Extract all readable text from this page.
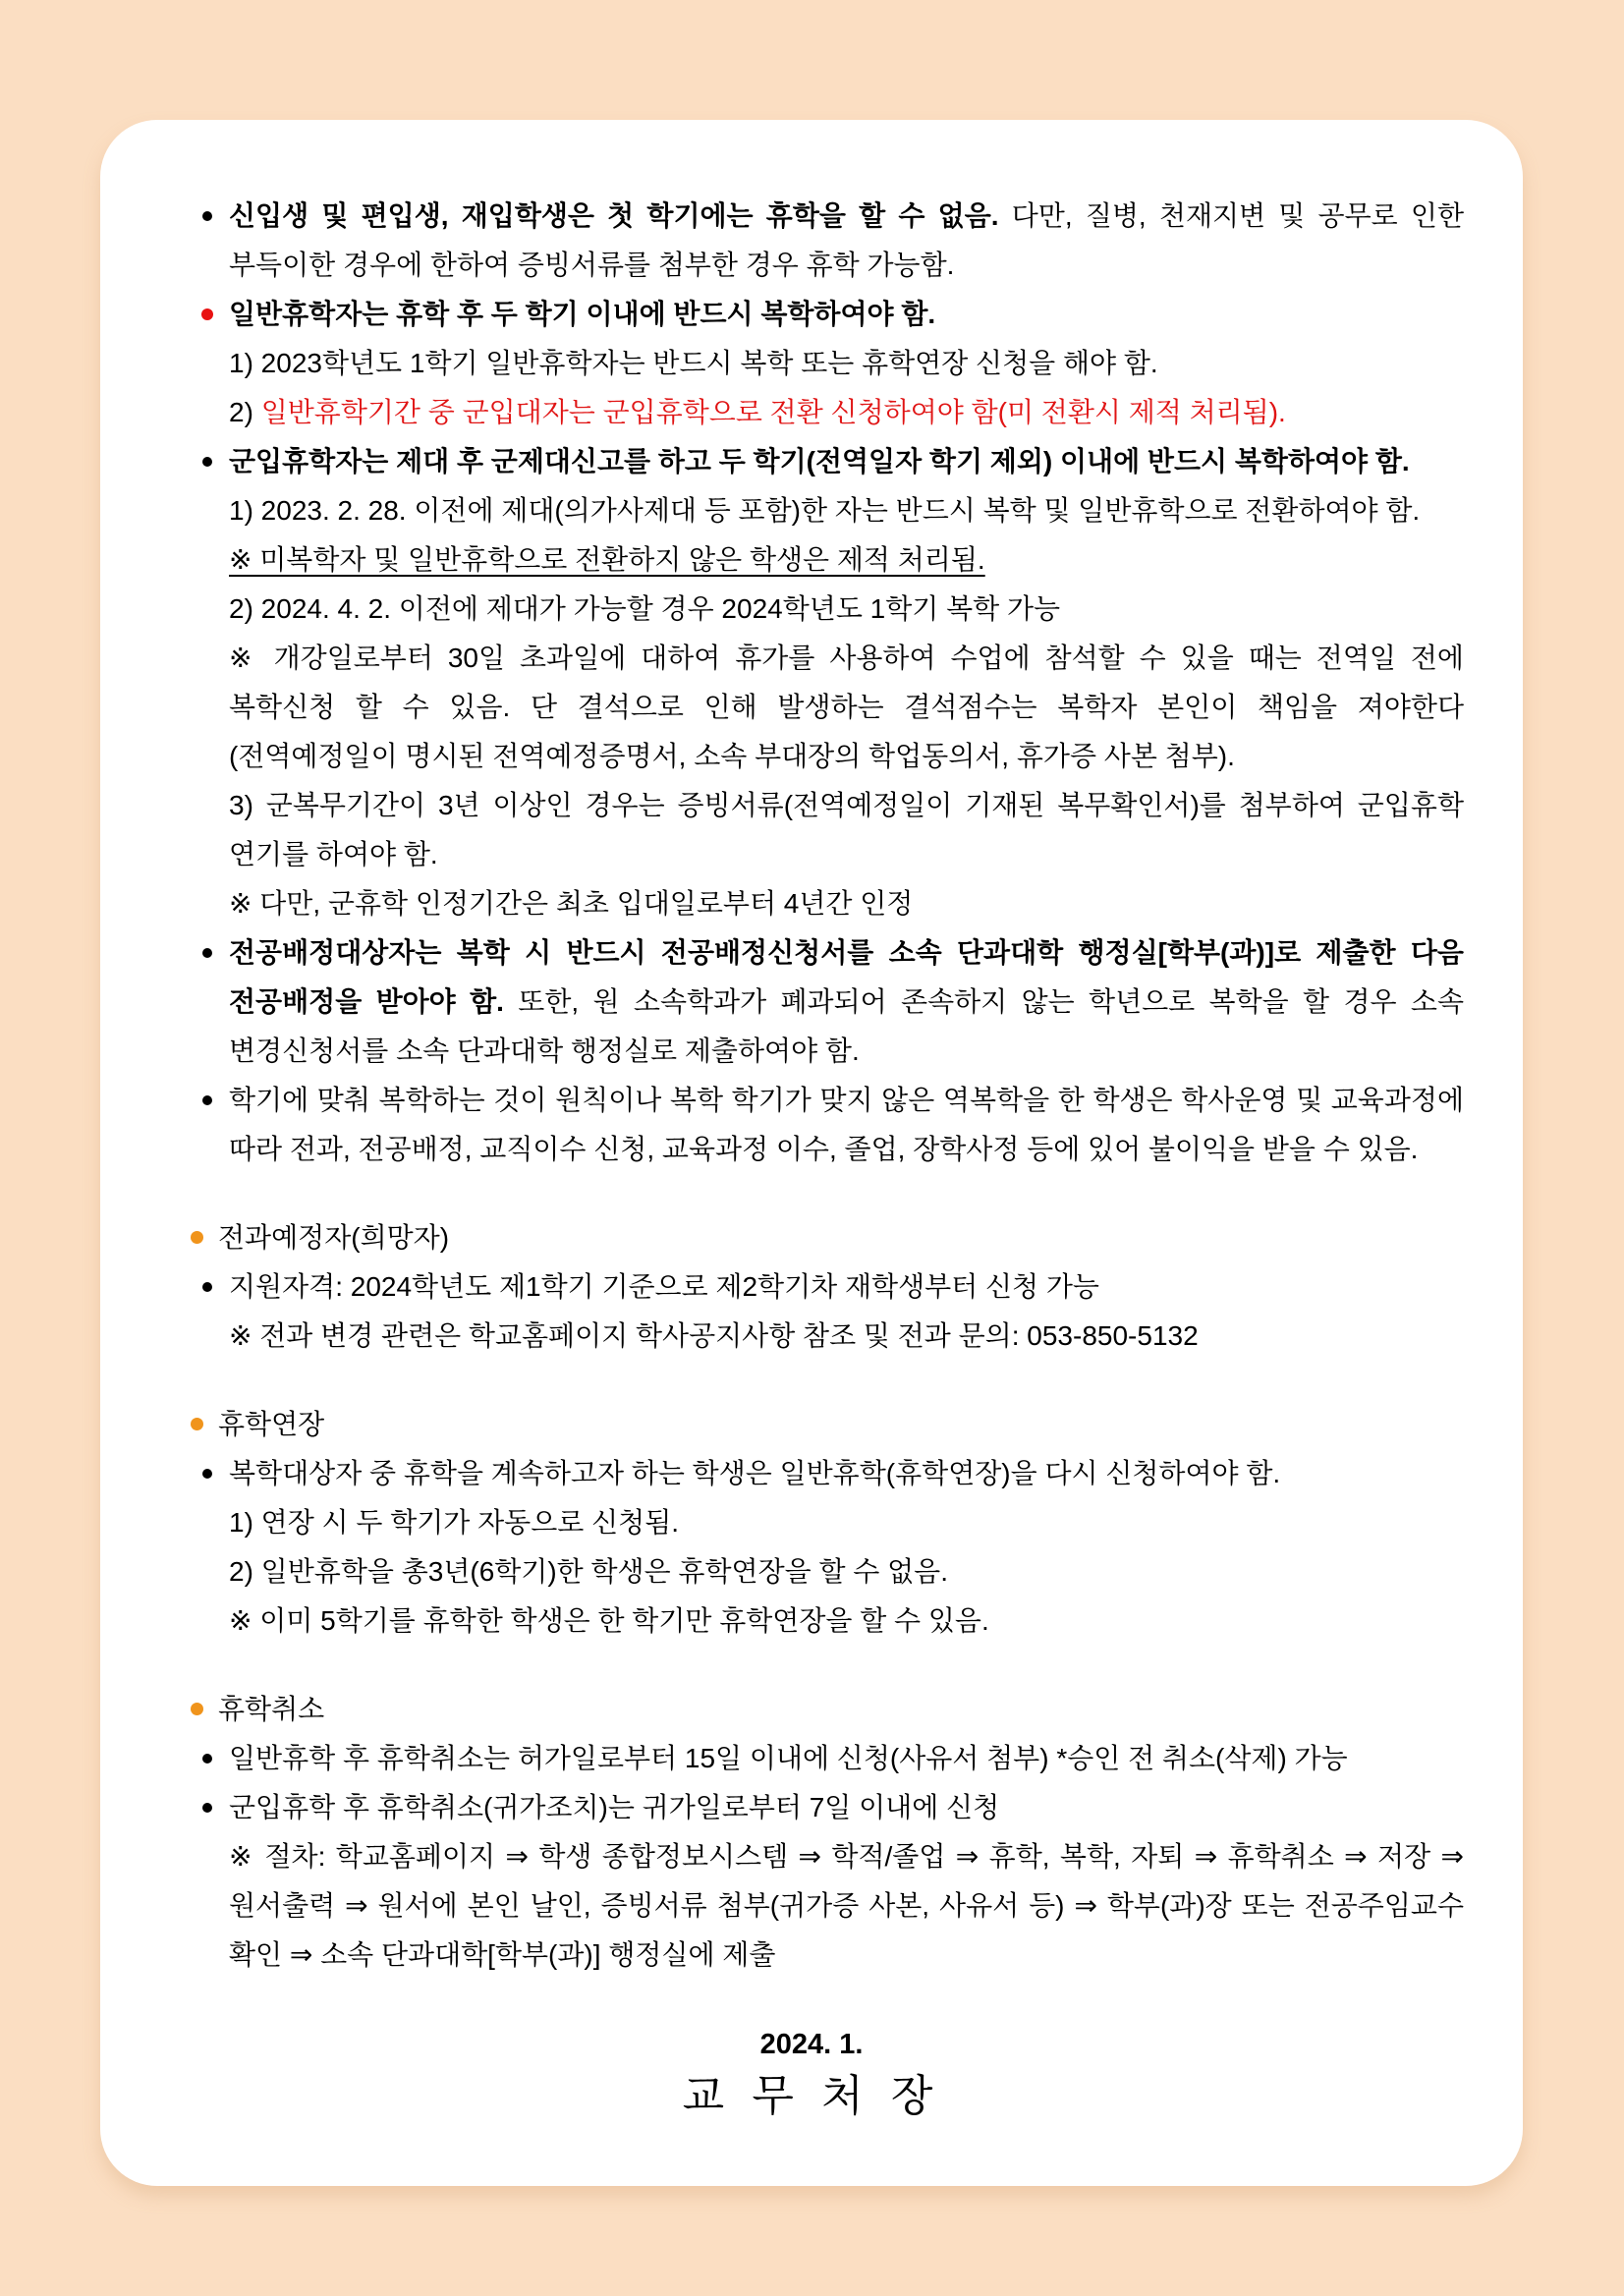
신입생 및 편입생, 재입학생은 첫 학기에는 휴학을 할 수 없음. 다만, 질병, 천재지변 및 공무로 인한 부득이한 경우에 한하여 증빙서류를 첨부한 경우 휴학 가능함.
일반휴학자는 휴학 후 두 학기 이내에 반드시 복학하여야 함.
1) 2023학년도 1학기 일반휴학자는 반드시 복학 또는 휴학연장 신청을 해야 함.
2) 일반휴학기간 중 군입대자는 군입휴학으로 전환 신청하여야 함(미 전환시 제적 처리됨).
군입휴학자는 제대 후 군제대신고를 하고 두 학기(전역일자 학기 제외) 이내에 반드시 복학하여야 함.
1) 2023. 2. 28. 이전에 제대(의가사제대 등 포함)한 자는 반드시 복학 및 일반휴학으로 전환하여야 함.
※ 미복학자 및 일반휴학으로 전환하지 않은 학생은 제적 처리됨.
2) 2024. 4. 2. 이전에 제대가 가능할 경우 2024학년도 1학기 복학 가능
※ 개강일로부터 30일 초과일에 대하여 휴가를 사용하여 수업에 참석할 수 있을 때는 전역일 전에 복학신청 할 수 있음. 단 결석으로 인해 발생하는 결석점수는 복학자 본인이 책임을 져야한다(전역예정일이 명시된 전역예정증명서, 소속 부대장의 학업동의서, 휴가증 사본 첨부).
3) 군복무기간이 3년 이상인 경우는 증빙서류(전역예정일이 기재된 복무확인서)를 첨부하여 군입휴학 연기를 하여야 함.
※ 다만, 군휴학 인정기간은 최초 입대일로부터 4년간 인정
전공배정대상자는 복학 시 반드시 전공배정신청서를 소속 단과대학 행정실[학부(과)]로 제출한 다음 전공배정을 받아야 함. 또한, 원 소속학과가 폐과되어 존속하지 않는 학년으로 복학을 할 경우 소속 변경신청서를 소속 단과대학 행정실로 제출하여야 함.
학기에 맞춰 복학하는 것이 원칙이나 복학 학기가 맞지 않은 역복학을 한 학생은 학사운영 및 교육과정에 따라 전과, 전공배정, 교직이수 신청, 교육과정 이수, 졸업, 장학사정 등에 있어 불이익을 받을 수 있음.
전과예정자(희망자)
지원자격: 2024학년도 제1학기 기준으로 제2학기차 재학생부터 신청 가능
※ 전과 변경 관련은 학교홈페이지 학사공지사항 참조 및 전과 문의: 053-850-5132
휴학연장
복학대상자 중 휴학을 계속하고자 하는 학생은 일반휴학(휴학연장)을 다시 신청하여야 함.
1) 연장 시 두 학기가 자동으로 신청됨.
2) 일반휴학을 총3년(6학기)한 학생은 휴학연장을 할 수 없음.
※ 이미 5학기를 휴학한 학생은 한 학기만 휴학연장을 할 수 있음.
휴학취소
일반휴학 후 휴학취소는 허가일로부터 15일 이내에 신청(사유서 첨부) *승인 전 취소(삭제) 가능
군입휴학 후 휴학취소(귀가조치)는 귀가일로부터 7일 이내에 신청
※ 절차: 학교홈페이지 ⇒ 학생 종합정보시스템 ⇒ 학적/졸업 ⇒ 휴학, 복학, 자퇴 ⇒ 휴학취소 ⇒ 저장 ⇒ 원서출력 ⇒ 원서에 본인 날인, 증빙서류 첨부(귀가증 사본, 사유서 등) ⇒ 학부(과)장 또는 전공주임교수 확인 ⇒ 소속 단과대학[학부(과)] 행정실에 제출
2024. 1.
교 무 처 장
